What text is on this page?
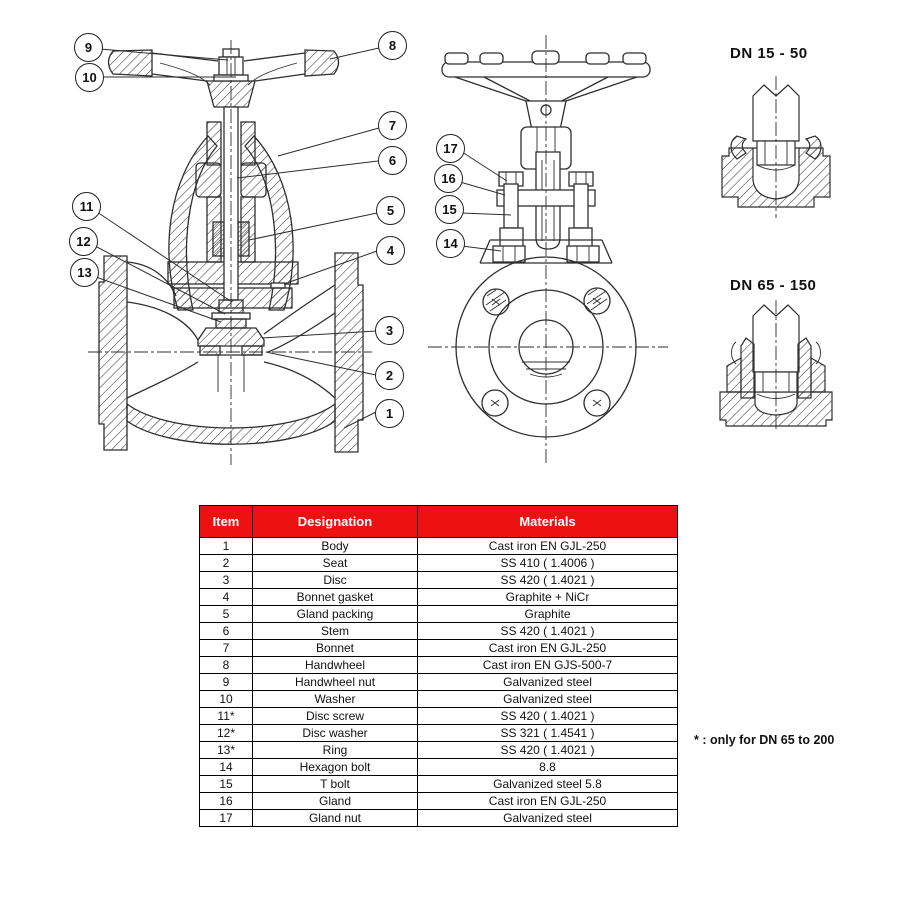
9
10
11
12
13
8
7
6
5
4
3
2
1
17
16
15
14
DN 15 - 50
DN 65 - 150
* : only for DN 65 to 200
Item	Designation	Materials
1	Body	Cast iron EN GJL-250
2	Seat	SS 410 ( 1.4006 )
3	Disc	SS 420 ( 1.4021 )
4	Bonnet gasket	Graphite + NiCr
5	Gland packing	Graphite
6	Stem	SS 420 ( 1.4021 )
7	Bonnet	Cast iron EN GJL-250
8	Handwheel	Cast iron EN GJS-500-7
9	Handwheel nut	Galvanized steel
10	Washer	Galvanized steel
11*	Disc screw	SS 420 ( 1.4021 )
12*	Disc washer	SS 321 ( 1.4541 )
13*	Ring	SS 420 ( 1.4021 )
14	Hexagon bolt	8.8
15	T bolt	Galvanized steel 5.8
16	Gland	Cast iron EN GJL-250
17	Gland nut	Galvanized steel
